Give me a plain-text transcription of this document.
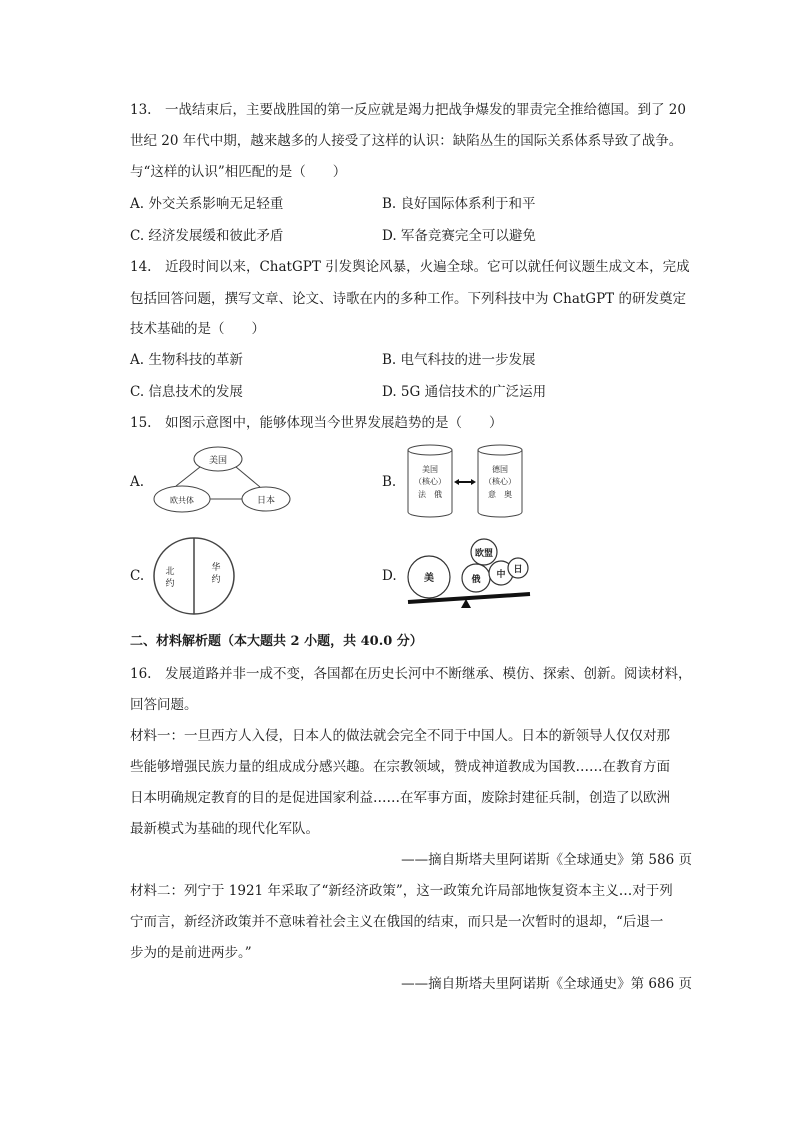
13.　一战结束后，主要战胜国的第一反应就是竭力把战争爆发的罪责完全推给德国。到了 20
世纪 20 年代中期，越来越多的人接受了这样的认识：缺陷丛生的国际关系体系导致了战争。
与“这样的认识”相匹配的是（　　）
A. 外交关系影响无足轻重	B. 良好国际体系利于和平
C. 经济发展缓和彼此矛盾	D. 军备竞赛完全可以避免
14.　近段时间以来，ChatGPT 引发舆论风暴，火遍全球。它可以就任何议题生成文本，完成
包括回答问题，撰写文章、论文、诗歌在内的多种工作。下列科技中为 ChatGPT 的研发奠定
技术基础的是（　　）
A. 生物科技的革新	B. 电气科技的进一步发展
C. 信息技术的发展	D. 5G 通信技术的广泛运用
15.　如图示意图中，能够体现当今世界发展趋势的是（　　）
A.
美国
欧共体	日本
B.
美国
（核心）
法　俄
德国
（核心）
意　奥
C. 北
约
华
约	D.	美	俄 中 日
欧盟
二、材料解析题（本大题共 2 小题，共 40.0 分）
16.　发展道路并非一成不变，各国都在历史长河中不断继承、模仿、探索、创新。阅读材料，
回答问题。
材料一：一旦西方人入侵，日本人的做法就会完全不同于中国人。日本的新领导人仅仅对那
些能够增强民族力量的组成成分感兴趣。在宗教领域，赞成神道教成为国教……在教育方面
日本明确规定教育的目的是促进国家利益……在军事方面，废除封建征兵制，创造了以欧洲
最新模式为基础的现代化军队。
——摘自斯塔夫里阿诺斯《全球通史》第 586 页
材料二：列宁于 1921 年采取了“新经济政策”，这一政策允许局部地恢复资本主义…对于列
宁而言，新经济政策并不意味着社会主义在俄国的结束，而只是一次暂时的退却，“后退一
步为的是前进两步。”
——摘自斯塔夫里阿诺斯《全球通史》第 686 页
